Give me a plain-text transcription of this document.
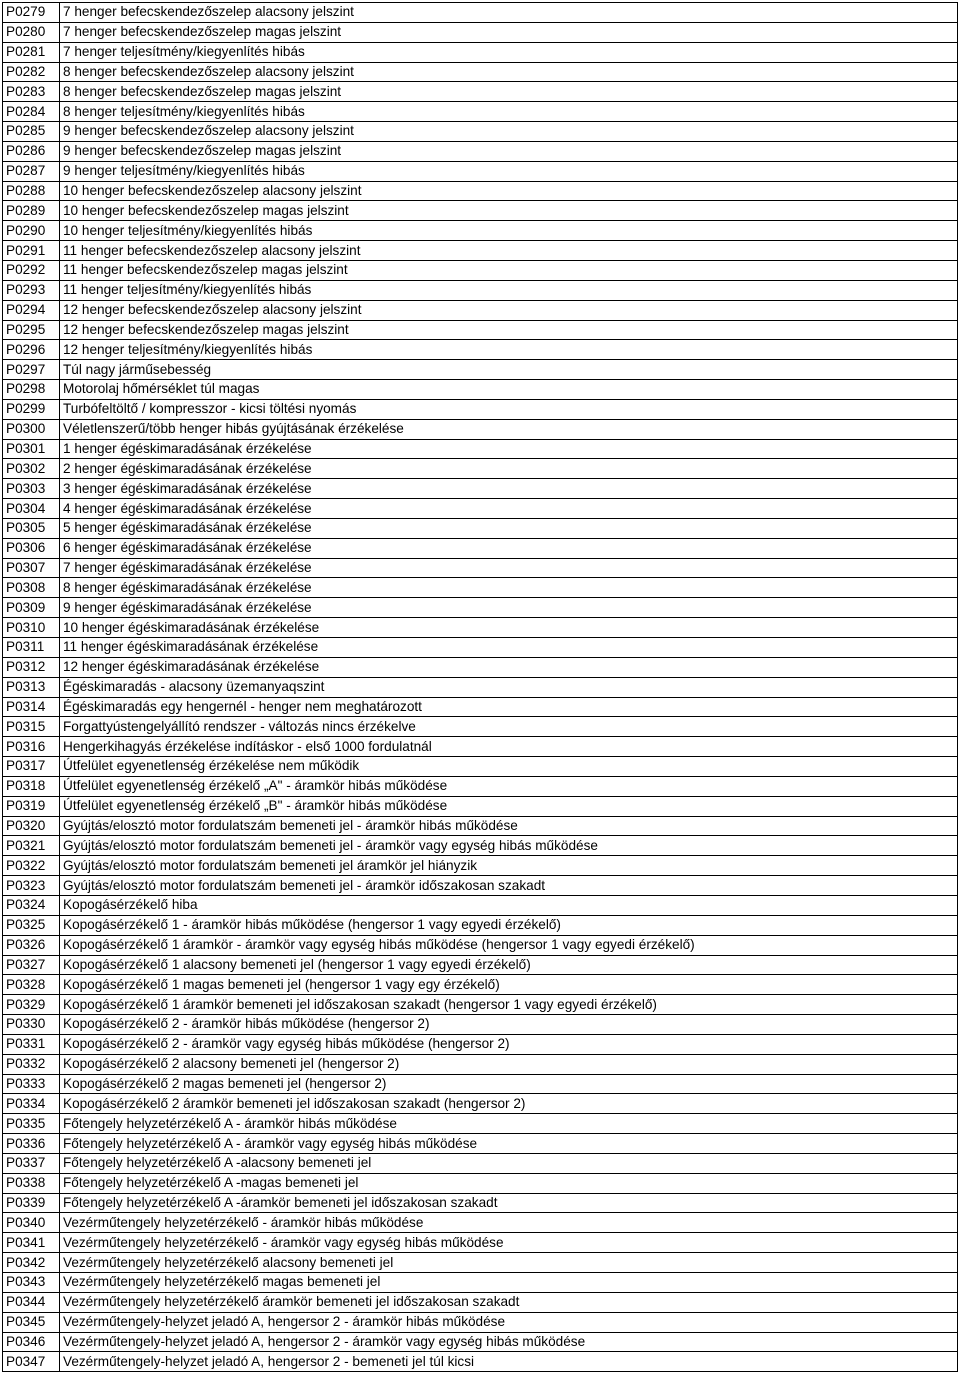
P0279	7 henger befecskendezőszelep alacsony jelszint
P0280	7 henger befecskendezőszelep magas jelszint
P0281	7 henger teljesítmény/kiegyenlítés hibás
P0282	8 henger befecskendezőszelep alacsony jelszint
P0283	8 henger befecskendezőszelep magas jelszint
P0284	8 henger teljesítmény/kiegyenlítés hibás
P0285	9 henger befecskendezőszelep alacsony jelszint
P0286	9 henger befecskendezőszelep magas jelszint
P0287	9 henger teljesítmény/kiegyenlítés hibás
P0288	10 henger befecskendezőszelep alacsony jelszint
P0289	10 henger befecskendezőszelep magas jelszint
P0290	10 henger teljesítmény/kiegyenlítés hibás
P0291	11 henger befecskendezőszelep alacsony jelszint
P0292	11 henger befecskendezőszelep magas jelszint
P0293	11 henger teljesítmény/kiegyenlítés hibás
P0294	12 henger befecskendezőszelep alacsony jelszint
P0295	12 henger befecskendezőszelep magas jelszint
P0296	12 henger teljesítmény/kiegyenlítés hibás
P0297	Túl nagy járműsebesség
P0298	Motorolaj hőmérséklet túl magas
P0299	Turbófeltöltő / kompresszor - kicsi töltési nyomás
P0300	Véletlenszerű/több henger hibás gyújtásának érzékelése
P0301	1 henger égéskimaradásának érzékelése
P0302	2 henger égéskimaradásának érzékelése
P0303	3 henger égéskimaradásának érzékelése
P0304	4 henger égéskimaradásának érzékelése
P0305	5 henger égéskimaradásának érzékelése
P0306	6 henger égéskimaradásának érzékelése
P0307	7 henger égéskimaradásának érzékelése
P0308	8 henger égéskimaradásának érzékelése
P0309	9 henger égéskimaradásának érzékelése
P0310	10 henger égéskimaradásának érzékelése
P0311	11 henger égéskimaradásának érzékelése
P0312	12 henger égéskimaradásának érzékelése
P0313	Égéskimaradás - alacsony üzemanyaqszint
P0314	Égéskimaradás egy hengernél - henger nem meghatározott
P0315	Forgattyústengelyállító rendszer - változás nincs érzékelve
P0316	Hengerkihagyás érzékelése indításkor - első 1000 fordulatnál
P0317	Útfelület egyenetlenség érzékelése nem működik
P0318	Útfelület egyenetlenség érzékelő „A" - áramkör hibás működése
P0319	Útfelület egyenetlenség érzékelő „B" - áramkör hibás működése
P0320	Gyújtás/elosztó motor fordulatszám bemeneti jel - áramkör hibás működése
P0321	Gyújtás/elosztó motor fordulatszám bemeneti jel - áramkör vagy egység hibás működése
P0322	Gyújtás/elosztó motor fordulatszám bemeneti jel áramkör jel hiányzik
P0323	Gyújtás/elosztó motor fordulatszám bemeneti jel - áramkör időszakosan szakadt
P0324	Kopogásérzékelő hiba
P0325	Kopogásérzékelő 1 - áramkör hibás működése (hengersor 1 vagy egyedi érzékelő)
P0326	Kopogásérzékelő 1 áramkör - áramkör vagy egység hibás működése (hengersor 1 vagy egyedi érzékelő)
P0327	Kopogásérzékelő 1 alacsony bemeneti jel (hengersor 1 vagy egyedi érzékelő)
P0328	Kopogásérzékelő 1 magas bemeneti jel (hengersor 1 vagy egy érzékelő)
P0329	Kopogásérzékelő 1 áramkör bemeneti jel időszakosan szakadt (hengersor 1 vagy egyedi érzékelő)
P0330	Kopogásérzékelő 2 - áramkör hibás működése (hengersor 2)
P0331	Kopogásérzékelő 2 - áramkör vagy egység hibás működése (hengersor 2)
P0332	Kopogásérzékelő 2 alacsony bemeneti jel (hengersor 2)
P0333	Kopogásérzékelő 2 magas bemeneti jel (hengersor 2)
P0334	Kopogásérzékelő 2 áramkör bemeneti jel időszakosan szakadt (hengersor 2)
P0335	Főtengely helyzetérzékelő A - áramkör hibás működése
P0336	Főtengely helyzetérzékelő A - áramkör vagy egység hibás működése
P0337	Főtengely helyzetérzékelő A -alacsony bemeneti jel
P0338	Főtengely helyzetérzékelő A -magas bemeneti jel
P0339	Főtengely helyzetérzékelő A -áramkör bemeneti jel időszakosan szakadt
P0340	Vezérműtengely helyzetérzékelő - áramkör hibás működése
P0341	Vezérműtengely helyzetérzékelő - áramkör vagy egység hibás működése
P0342	Vezérműtengely helyzetérzékelő alacsony bemeneti jel
P0343	Vezérműtengely helyzetérzékelő magas bemeneti jel
P0344	Vezérműtengely helyzetérzékelő áramkör bemeneti jel időszakosan szakadt
P0345	Vezérműtengely-helyzet jeladó A, hengersor 2 - áramkör hibás működése
P0346	Vezérműtengely-helyzet jeladó A, hengersor 2 - áramkör vagy egység hibás működése
P0347	Vezérműtengely-helyzet jeladó A, hengersor 2 - bemeneti jel túl kicsi
